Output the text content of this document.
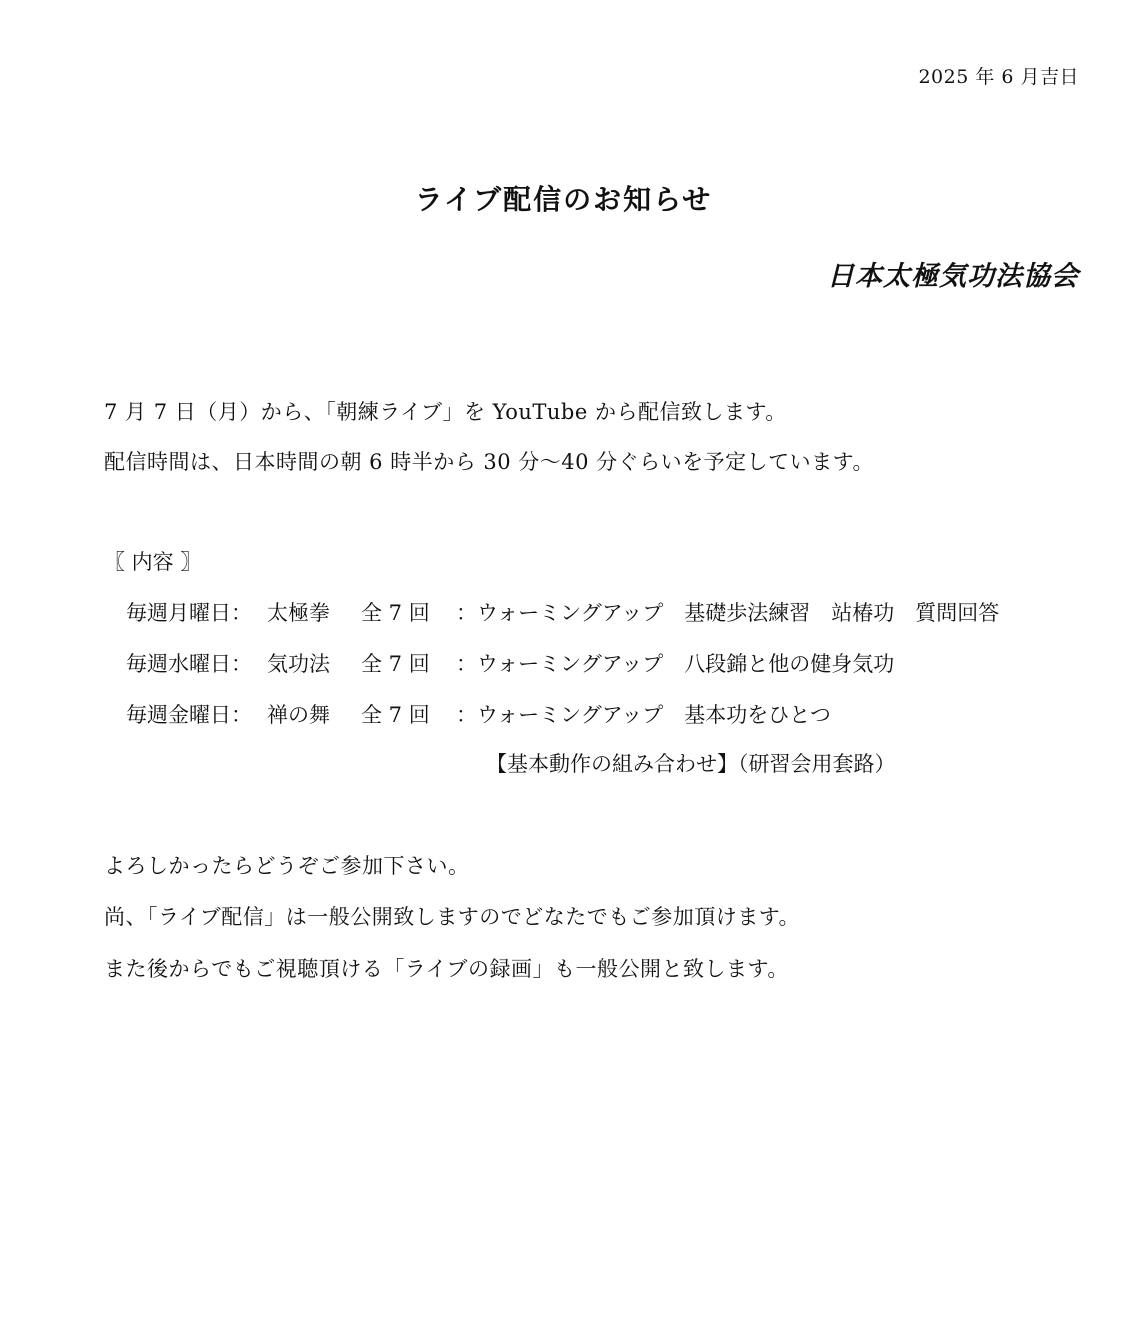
2025 年 6 月吉日
ライブ配信のお知らせ
日本太極気功法協会
7 月 7 日（月）から、「朝練ライブ」を YouTube から配信致します。
配信時間は、日本時間の朝 6 時半から 30 分〜40 分ぐらいを予定しています。
〖 内容 〗
毎週月曜日： 太極拳 全 7 回 ：ウォーミングアップ　基礎歩法練習　站椿功　質問回答
毎週水曜日： 気功法 全 7 回 ：ウォーミングアップ　八段錦と他の健身気功
毎週金曜日： 禅の舞 全 7 回 ：ウォーミングアップ　基本功をひとつ
【基本動作の組み合わせ】（研習会用套路）
よろしかったらどうぞご参加下さい。
尚、「ライブ配信」は一般公開致しますのでどなたでもご参加頂けます。
また後からでもご視聴頂ける「ライブの録画」も一般公開と致します。
